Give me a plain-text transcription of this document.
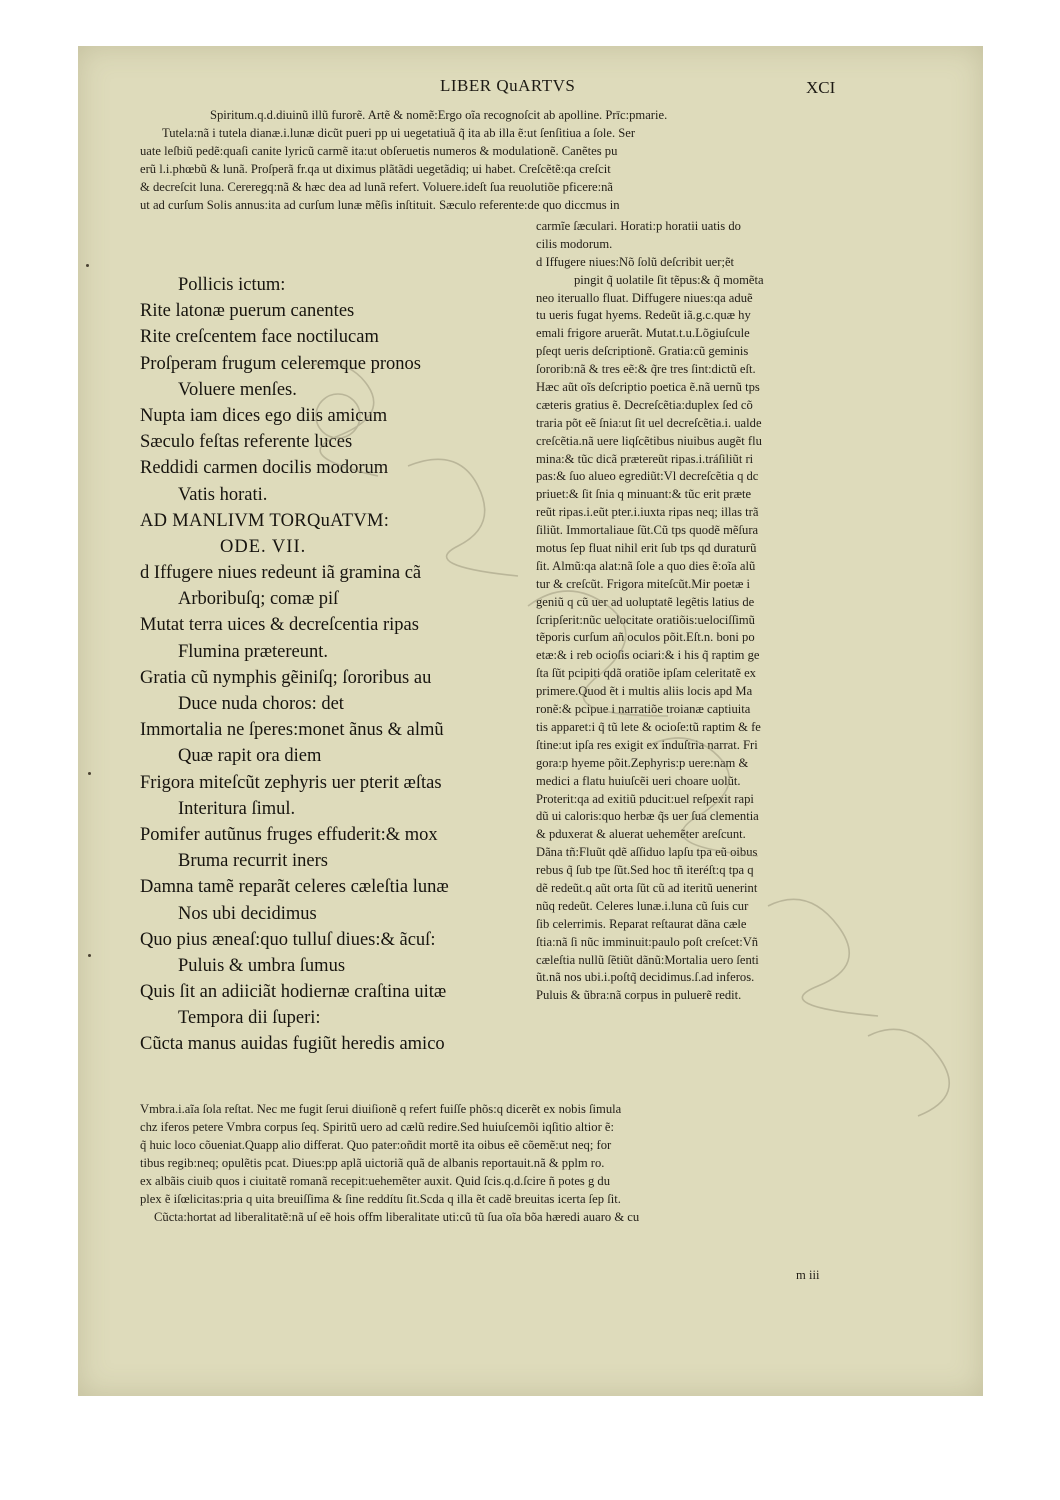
LIBER QuARTVS	XCI
Spiritum.q.d.diuinũ illũ furorẽ. Artẽ & nomẽ:Ergo oĩa recognoſcit ab apolline. Prīc:pmarie.
Tutela:nã i tutela dianæ.i.lunæ dicũt pueri pp ui uegetatiuã q̃ ita ab illa ẽ:ut ſenſitiua a ſole. Ser
uate leſbiũ pedẽ:quaſi canite lyricũ carmẽ ita:ut obſeruetis numeros & modulationẽ. Canẽtes pu
erũ l.i.phœbũ & lunã. Proſperã fr.qa ut diximus plãtãdi uegetãdiq; ui habet. Creſcẽtẽ:qa creſcit
& decreſcit luna. Cereregq:nã & hæc dea ad lunã refert. Voluere.ideſt ſua reuolutiõe pficere:nã
ut ad curſum Solis annus:ita ad curſum lunæ mẽſis inſtituit. Sæculo referente:de quo diccmus in
Pollicis ictum:
Rite latonæ puerum canentes
Rite creſcentem face noctilucam
Proſperam frugum celeremque pronos
Voluere menſes.
Nupta iam dices ego diis amicum
Sæculo feſtas referente luces
Reddidi carmen docilis modorum
Vatis horati.
AD MANLIVM TORQuATVM:
ODE. VII.
d Iffugere niues redeunt iã gramina cã
Arboribuſq; comæ piſ
Mutat terra uices & decreſcentia ripas
Flumina prætereunt.
Gratia cũ nymphis gẽiniſq; ſororibus au
Duce nuda choros: det
Immortalia ne ſperes:monet ãnus & almũ
Quæ rapit ora diem
Frigora miteſcũt zephyris uer pterit æſtas
Interitura ſimul.
Pomifer autũnus fruges effuderit:& mox
Bruma recurrit iners
Damna tamẽ reparãt celeres cæleſtia lunæ
Nos ubi decidimus
Quo pius æneaſ:quo tulluſ diues:& ãcuſ:
Puluis & umbra ſumus
Quis ſit an adiiciãt hodiernæ craſtina uitæ
Tempora dii ſuperi:
Cũcta manus auidas fugiũt heredis amico
carmĩe ſæculari. Horati:p horatii uatis do
cilis modorum.
d Iffugere niues:Nõ ſolũ deſcribit uer;ẽt
pingit q̃ uolatile ſit tẽpus:& q̃ momẽta
neo iteruallo fluat. Diffugere niues:qa aduẽ
tu ueris fugat hyems. Redeũt iã.g.c.quæ hy
emali frigore aruerãt. Mutat.t.u.Lõgiuſcule
pſeqt ueris deſcriptionẽ. Gratia:cũ geminis
ſororib:nã & tres eẽ:& q̃re tres ſint:dictũ eſt.
Hæc aũt oĩs deſcriptio poetica ẽ.nã uernũ tps
cæteris gratius ẽ. Decreſcẽtia:duplex ſed cõ
traria põt eẽ ſnia:ut ſit uel decreſcẽtia.i. ualde
creſcẽtia.nã uere liqſcẽtibus niuibus augẽt flu
mina:& tũc dicã prætereũt ripas.i.tráſiliũt ri
pas:& ſuo alueo egrediũt:Vl decreſcẽtia q dc
priuet:& ſit ſnia q minuant:& tũc erit præte
reũt ripas.i.eũt pter.i.iuxta ripas neq; illas trã
ſiliũt. Immortaliaue ſũt.Cũ tps quodẽ mẽſura
motus ſep fluat nihil erit ſub tps qd duraturũ
ſit. Almũ:qa alat:nã ſole a quo dies ẽ:oĩa alũ
tur & creſcũt. Frigora miteſcũt.Mir poetæ i
geniũ q cũ uer ad uoluptatẽ legẽtis latius de
ſcripſerit:nũc uelocitate oratiõis:uelociſſimũ
tẽporis curſum añ oculos põit.Eſt.n. boni po
etæ:& i reb ocioſis ociari:& i his q̃ raptim ge
ſta ſũt pcipiti qdã oratiõe ipſam celeritatẽ ex
primere.Quod ẽt i multis aliis locis apd Ma
ronẽ:& pcipue i narratiõe troianæ captiuita
tis apparet:i q̃ tũ lete & ocioſe:tũ raptim & fe
ſtine:ut ipſa res exigit ex induſtria narrat. Fri
gora:p hyeme põit.Zephyris:p uere:nam &
medici a flatu huiuſcẽi ueri choare uolũt.
Proterit:qa ad exitiũ pducit:uel reſpexit rapi
dũ ui caloris:quo herbæ q̃s uer ſua clementia
& pduxerat & aluerat uehemẽter areſcunt.
Dãna tñ:Fluũt qdẽ aſſiduo lapſu tpa eũ oibus
rebus q̃ ſub tpe ſũt.Sed hoc tñ iteréſt:q tpa q
dẽ redeũt.q aũt orta ſũt cũ ad iteritũ uenerint
nũq redeũt. Celeres lunæ.i.luna cũ ſuis cur
ſib celerrimis. Reparat reſtaurat dãna cæle
ſtia:nã ſi nũc imminuit:paulo poſt creſcet:Vñ
cæleſtia nullũ ſẽtiũt dãnũ:Mortalia uero ſenti
ũt.nã nos ubi.i.poſtq̃ decidimus.ſ.ad inferos.
Puluis & ũbra:nã corpus in puluerẽ redit.
Vmbra.i.aĩa ſola reſtat. Nec me fugit ſerui diuiſionẽ q refert fuiſſe phõs:q dicerẽt ex nobis ſimula
chz iferos petere Vmbra corpus ſeq. Spiritũ uero ad cælũ redire.Sed huiuſcemõi iqſitio altior ẽ:
q̃ huic loco cõueniat.Quapp alio differat. Quo pater:oñdit mortẽ ita oibus eẽ cõemẽ:ut neq; for
tibus regib:neq; opulẽtis pcat. Diues:pp aplã uictoriã quã de albanis reportauit.nã & pplm ro.
ex albãis ciuib quos i ciuitatẽ romanã recepit:uehemẽter auxit. Quid ſcis.q.d.ſcire ñ potes g du
plex ẽ iſœlicitas:pria q uita breuiſſima & ſine reddítu ſit.Scda q illa ẽt cadẽ breuitas icerta ſep ſit.
Cũcta:hortat ad liberalitatẽ:nã uſ eẽ hois offm liberalitate uti:cũ tũ ſua oĩa bõa hæredi auaro & cu
m iii
